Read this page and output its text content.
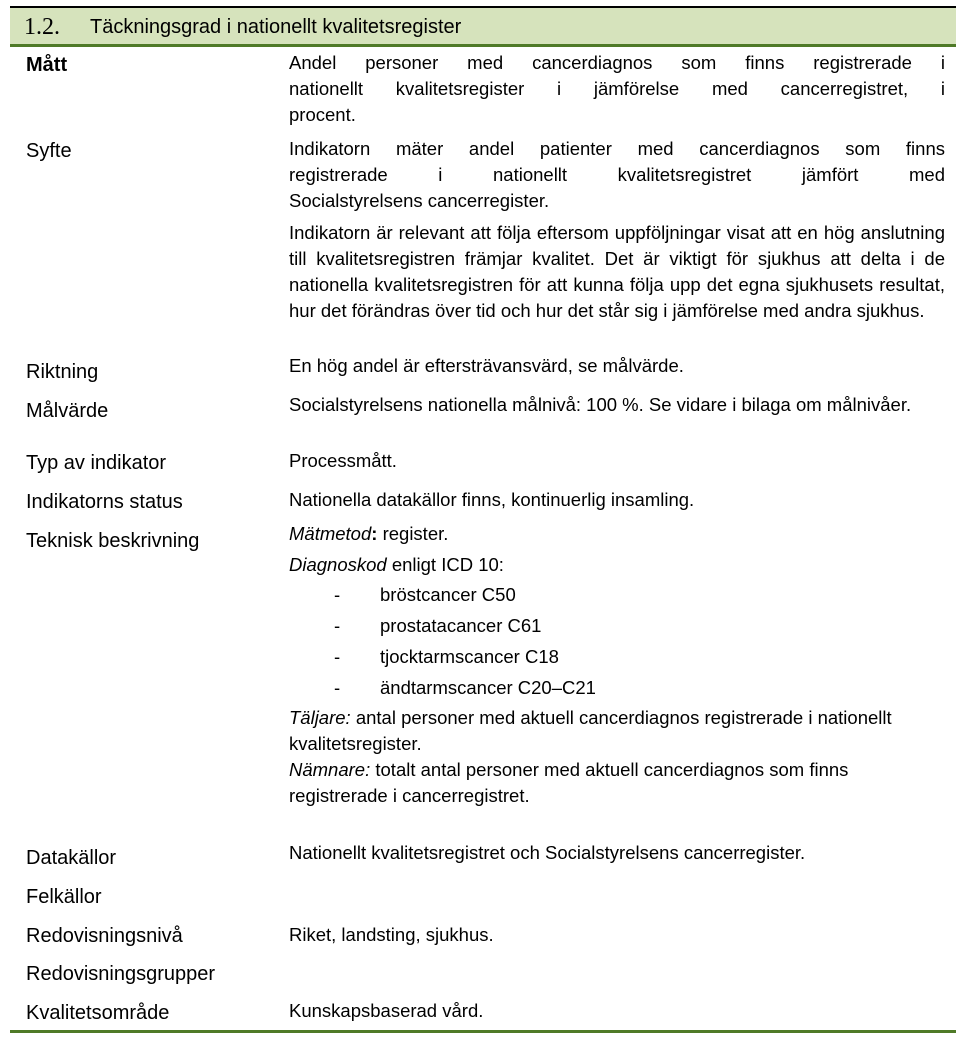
1.2. Täckningsgrad i nationellt kvalitetsregister
Mått	Andel personer med cancerdiagnos som finns registrerade i
nationellt kvalitetsregister i jämförelse med cancerregistret, i
procent.
Syfte	Indikatorn mäter andel patienter med cancerdiagnos som finns
registrerade i nationellt kvalitetsregistret jämfört med
Socialstyrelsens cancerregister.
Indikatorn är relevant att följa eftersom uppföljningar visat att en hög anslutning till kvalitetsregistren främjar kvalitet. Det är viktigt för sjukhus att delta i de nationella kvalitetsregistren för att kunna följa upp det egna sjukhusets resultat, hur det förändras över tid och hur det står sig i jämförelse med andra sjukhus.
Riktning	En hög andel är eftersträvansvärd, se målvärde.
Målvärde	Socialstyrelsens nationella målnivå: 100 %. Se vidare i bilaga om målnivåer.
Typ av indikator	Processmått.
Indikatorns status	Nationella datakällor finns, kontinuerlig insamling.
Teknisk beskrivning	Mätmetod: register.
Diagnoskod enligt ICD 10:
- bröstcancer C50
- prostatacancer C61
- tjocktarmscancer C18
- ändtarmscancer C20–C21
Täljare: antal personer med aktuell cancerdiagnos registrerade i nationellt kvalitetsregister.
Nämnare: totalt antal personer med aktuell cancerdiagnos som finns registrerade i cancerregistret.
Datakällor	Nationellt kvalitetsregistret och Socialstyrelsens cancerregister.
Felkällor
Redovisningsnivå	Riket, landsting, sjukhus.
Redovisningsgrupper
Kvalitetsområde	Kunskapsbaserad vård.
